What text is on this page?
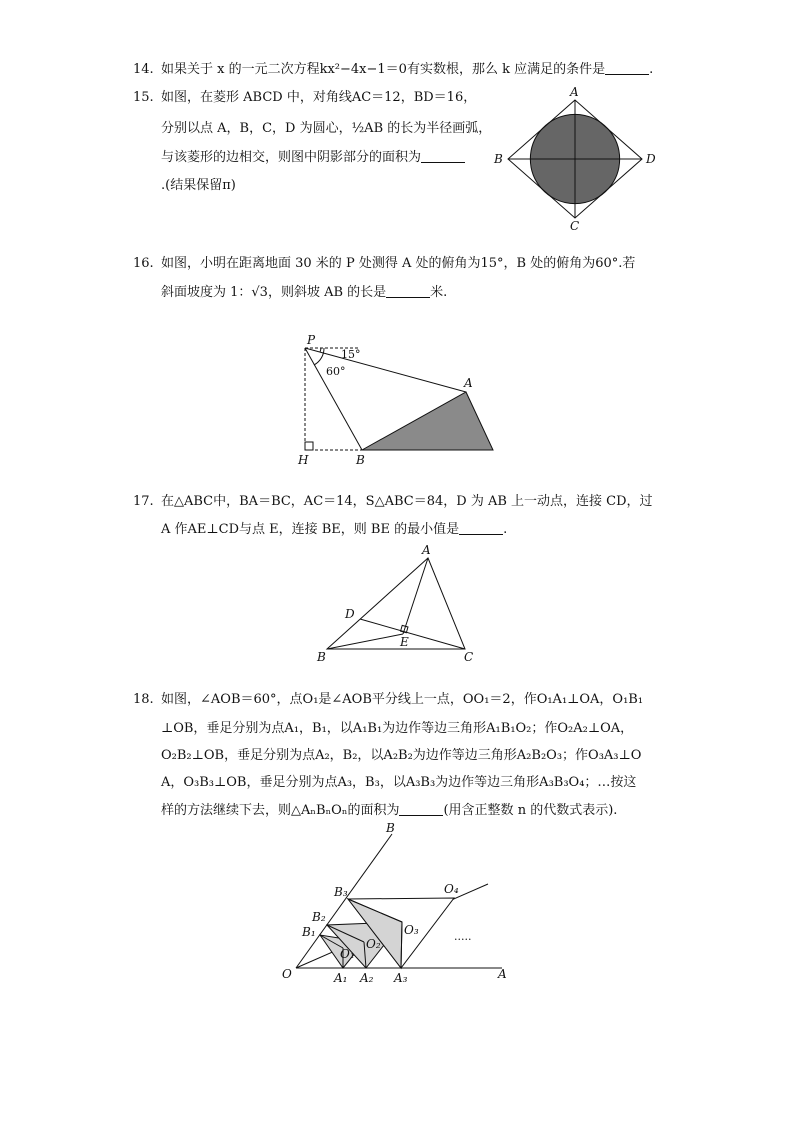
14. 如果关于 x 的一元二次方程kx²−4x−1＝0有实数根，那么 k 应满足的条件是	.
15. 如图，在菱形 ABCD 中，对角线AC＝12，BD＝16，
分别以点 A，B，C，D 为圆心，½AB 的长为半径画弧，
与该菱形的边相交，则图中阴影部分的面积为
.(结果保留π)
A
B
C
D
16. 如图，小明在距离地面 30 米的 P 处测得 A 处的俯角为15°，B 处的俯角为60°.若
斜面坡度为 1：√3，则斜坡 AB 的长是	米.
P
A
B
H
15°
60°
17. 在△ABC中，BA＝BC，AC＝14，S△ABC＝84，D 为 AB 上一动点，连接 CD，过
A 作AE⊥CD与点 E，连接 BE，则 BE 的最小值是	.
A
B	C
D
E
18. 如图，∠AOB＝60°，点O₁是∠AOB平分线上一点，OO₁＝2，作O₁A₁⊥OA，O₁B₁
⊥OB，垂足分别为点A₁，B₁，以A₁B₁为边作等边三角形A₁B₁O₂；作O₂A₂⊥OA，
O₂B₂⊥OB，垂足分别为点A₂，B₂，以A₂B₂为边作等边三角形A₂B₂O₃；作O₃A₃⊥O
A，O₃B₃⊥OB，垂足分别为点A₃，B₃，以A₃B₃为边作等边三角形A₃B₃O₄；…按这
样的方法继续下去，则△AₙBₙOₙ的面积为	(用含正整数 n 的代数式表示).
B
O	A
B₃
B₂
B₁
O₄
O₃
O₂
O₁
A₁ A₂ A₃
.....
